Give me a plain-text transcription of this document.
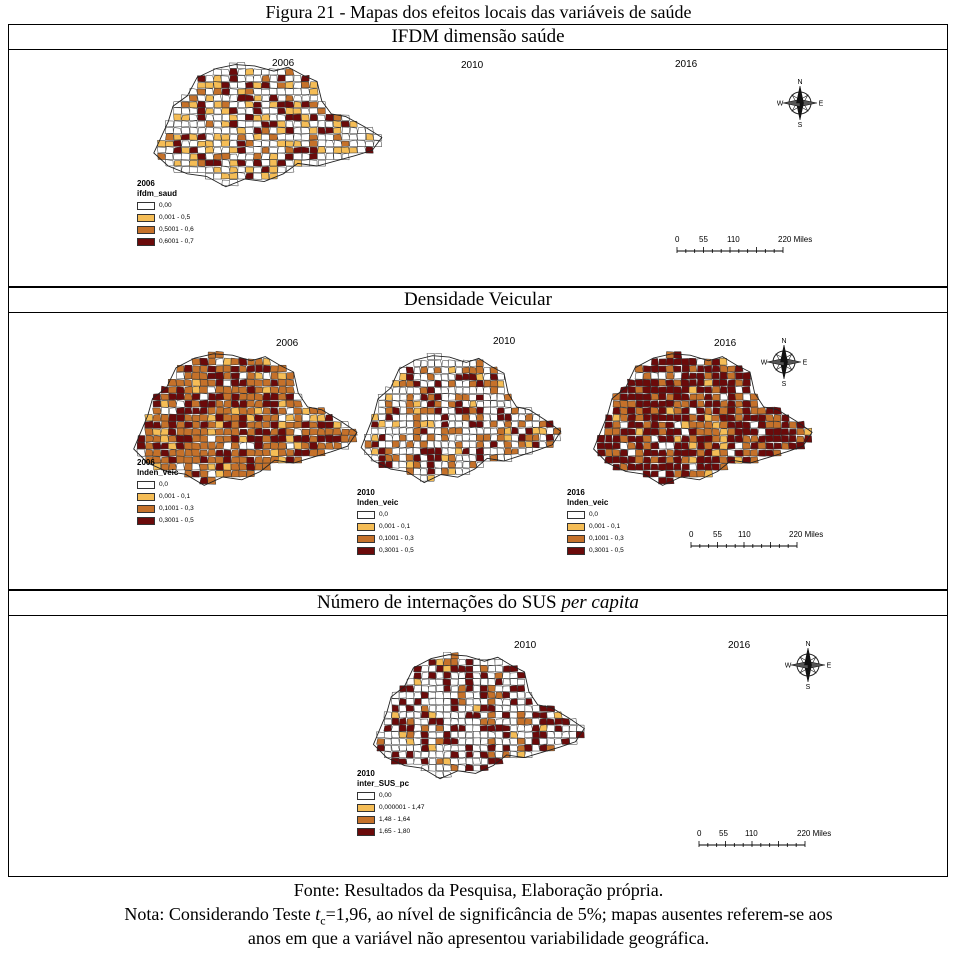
Figura 21 - Mapas dos efeitos locais das variáveis de saúde
IFDM dimensão saúde
2006	2010	2016
N
S
E
W
2006
ifdm_saud
0,00
0,001 - 0,5
0,5001 - 0,6
0,6001 - 0,7	0 55 110	220 Miles
Densidade Veicular
2006	2010	2016	N
S
E
W
2006
lnden_veic
0,0
0,001 - 0,1
0,1001 - 0,3
0,3001 - 0,5
2010
lnden_veic
0,0
0,001 - 0,1
0,1001 - 0,3
0,3001 - 0,5
2016
lnden_veic
0,0
0,001 - 0,1
0,1001 - 0,3
0,3001 - 0,5
0 55 110	220 Miles
Número de internações do SUS per capita
2010	2016	N
S
E
W
2010
inter_SUS_pc
0,00
0,000001 - 1,47
1,48 - 1,64
1,65 - 1,80	0 55 110	220 Miles
Fonte: Resultados da Pesquisa, Elaboração própria.
Nota: Considerando Teste $t_c=1,96$, ao nível de significância de 5%; mapas ausentes referem-se aos
anos em que a variável não apresentou variabilidade geográfica.
